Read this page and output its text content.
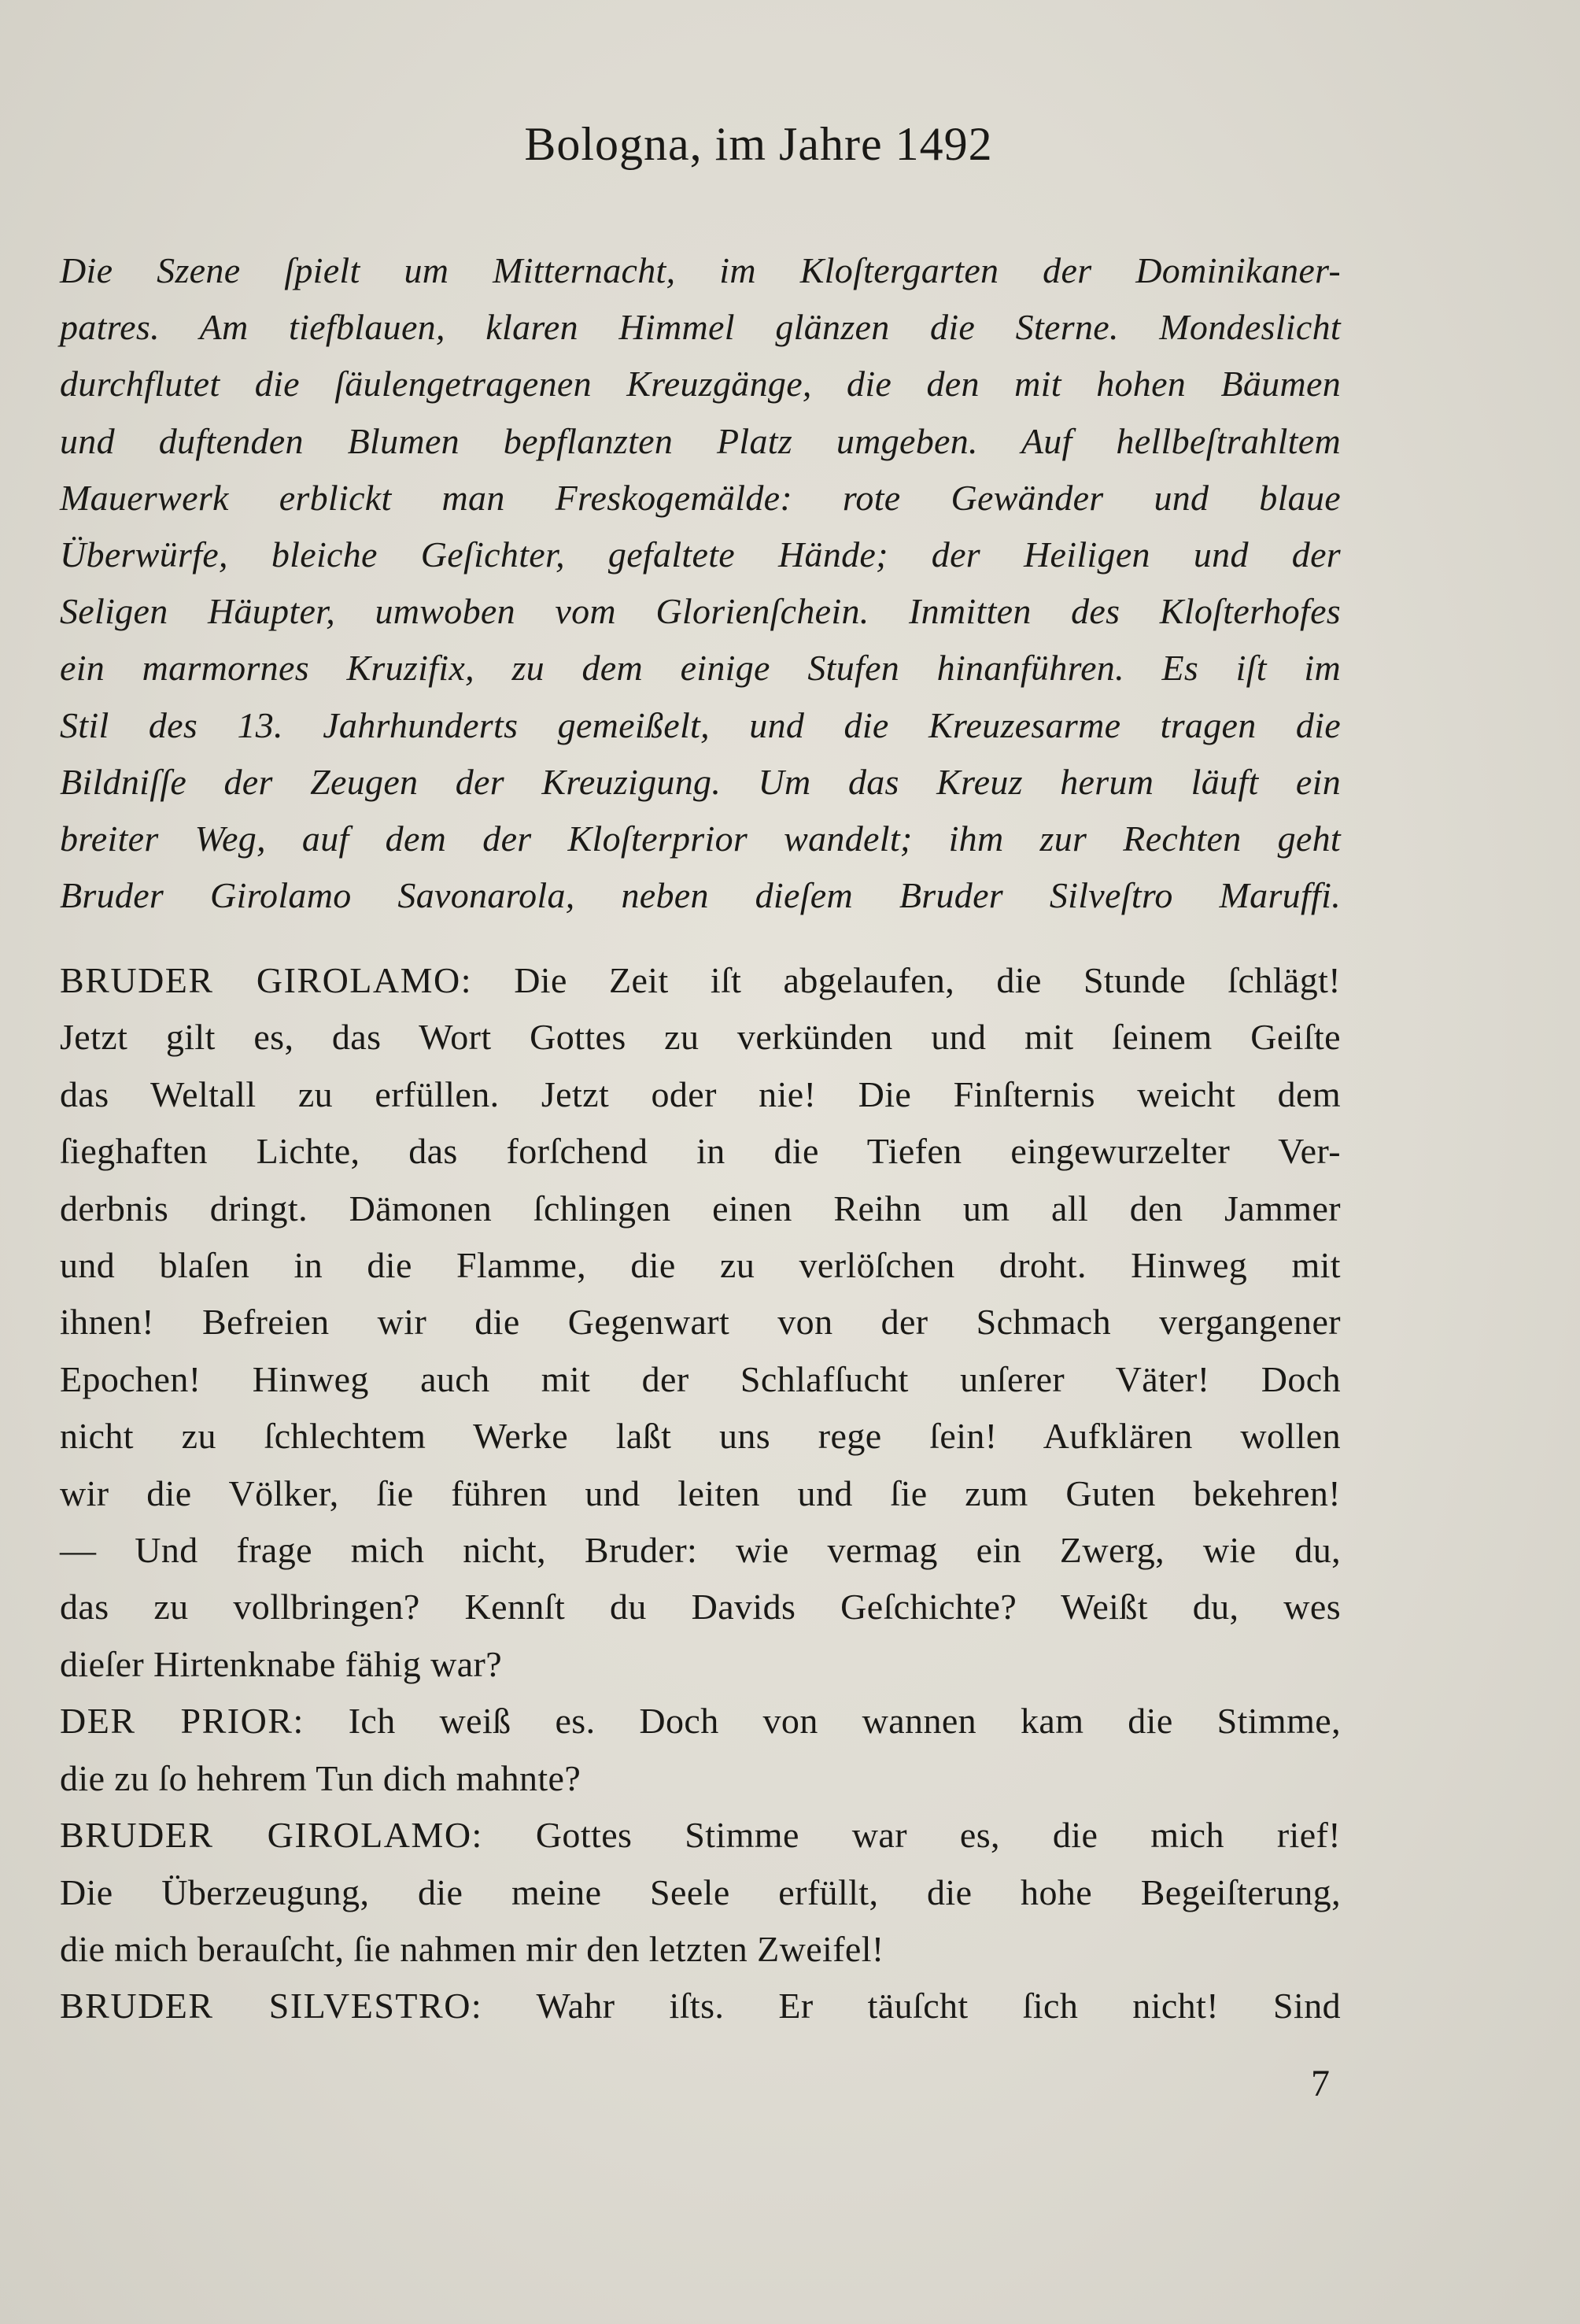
Bologna, im Jahre 1492
Die Szene ſpielt um Mitternacht, im Kloſtergarten der Dominikaner-
patres. Am tiefblauen, klaren Himmel glänzen die Sterne. Mondeslicht
durchflutet die ſäulengetragenen Kreuzgänge, die den mit hohen Bäumen
und duftenden Blumen bepflanzten Platz umgeben. Auf hellbeſtrahltem
Mauerwerk erblickt man Freskogemälde: rote Gewänder und blaue
Überwürfe, bleiche Geſichter, gefaltete Hände; der Heiligen und der
Seligen Häupter, umwoben vom Glorienſchein. Inmitten des Kloſterhofes
ein marmornes Kruzifix, zu dem einige Stufen hinanführen. Es iſt im
Stil des 13. Jahrhunderts gemeißelt, und die Kreuzesarme tragen die
Bildniſſe der Zeugen der Kreuzigung. Um das Kreuz herum läuft ein
breiter Weg, auf dem der Kloſterprior wandelt; ihm zur Rechten geht
Bruder Girolamo Savonarola, neben dieſem Bruder Silveſtro Maruffi.
BRUDER GIROLAMO: Die Zeit iſt abgelaufen, die Stunde ſchlägt!
Jetzt gilt es, das Wort Gottes zu verkünden und mit ſeinem Geiſte
das Weltall zu erfüllen. Jetzt oder nie! Die Finſternis weicht dem
ſieghaften Lichte, das forſchend in die Tiefen eingewurzelter Ver-
derbnis dringt. Dämonen ſchlingen einen Reihn um all den Jammer
und blaſen in die Flamme, die zu verlöſchen droht. Hinweg mit
ihnen! Befreien wir die Gegenwart von der Schmach vergangener
Epochen! Hinweg auch mit der Schlafſucht unſerer Väter! Doch
nicht zu ſchlechtem Werke laßt uns rege ſein! Aufklären wollen
wir die Völker, ſie führen und leiten und ſie zum Guten bekehren!
— Und frage mich nicht, Bruder: wie vermag ein Zwerg, wie du,
das zu vollbringen? Kennſt du Davids Geſchichte? Weißt du, wes
dieſer Hirtenknabe fähig war?
DER PRIOR: Ich weiß es. Doch von wannen kam die Stimme,
die zu ſo hehrem Tun dich mahnte?
BRUDER GIROLAMO: Gottes Stimme war es, die mich rief!
Die Überzeugung, die meine Seele erfüllt, die hohe Begeiſterung,
die mich berauſcht, ſie nahmen mir den letzten Zweifel!
BRUDER SILVESTRO: Wahr iſts. Er täuſcht ſich nicht! Sind
7
